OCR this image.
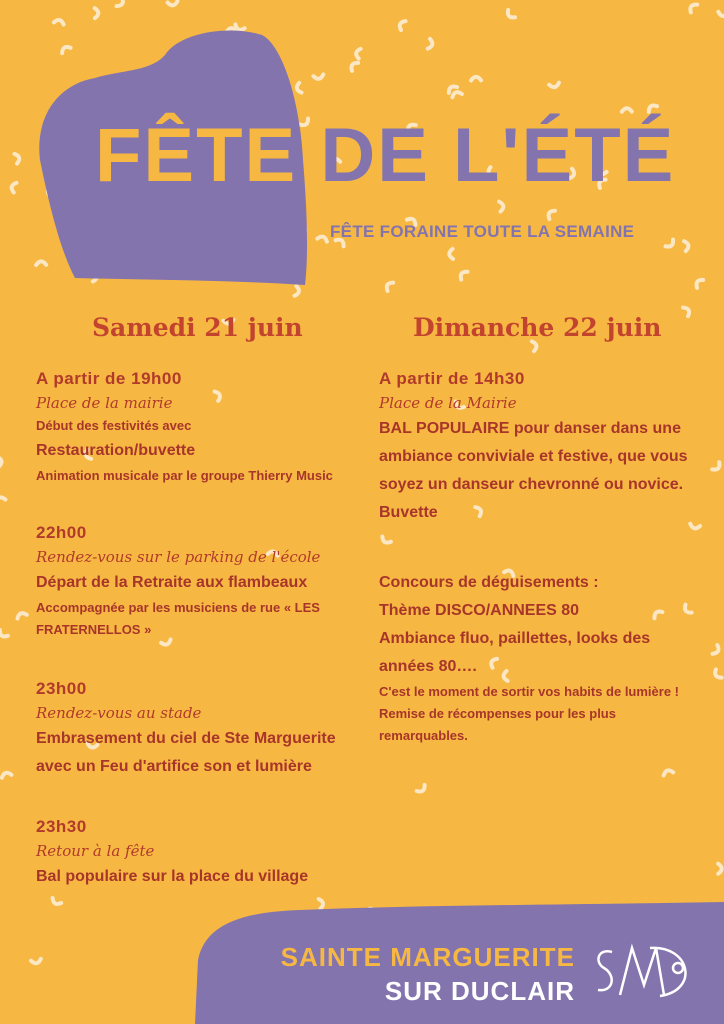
FÊTE DE L'ÉTÉ
FÊTE FORAINE TOUTE LA SEMAINE
Samedi 21 juin	Dimanche 22 juin
A partir de 19h00
Place de la mairie
Début des festivités avec
Restauration/buvette
Animation musicale par le groupe Thierry Music
22h00
Rendez-vous sur le parking de l'école
Départ de la Retraite aux flambeaux
Accompagnée par les musiciens de rue « LES
FRATERNELLOS »
23h00
Rendez-vous au stade
Embrasement du ciel de Ste Marguerite
avec un Feu d'artifice son et lumière
23h30
Retour à la fête
Bal populaire sur la place du village
A partir de 14h30
Place de la Mairie
BAL POPULAIRE pour danser dans une
ambiance conviviale et festive, que vous
soyez un danseur chevronné ou novice.
Buvette
Concours de déguisements :
Thème DISCO/ANNEES 80
Ambiance fluo, paillettes, looks des
années 80….
C'est le moment de sortir vos habits de lumière !
Remise de récompenses pour les plus
remarquables.
SAINTE MARGUERITE
SUR DUCLAIR
